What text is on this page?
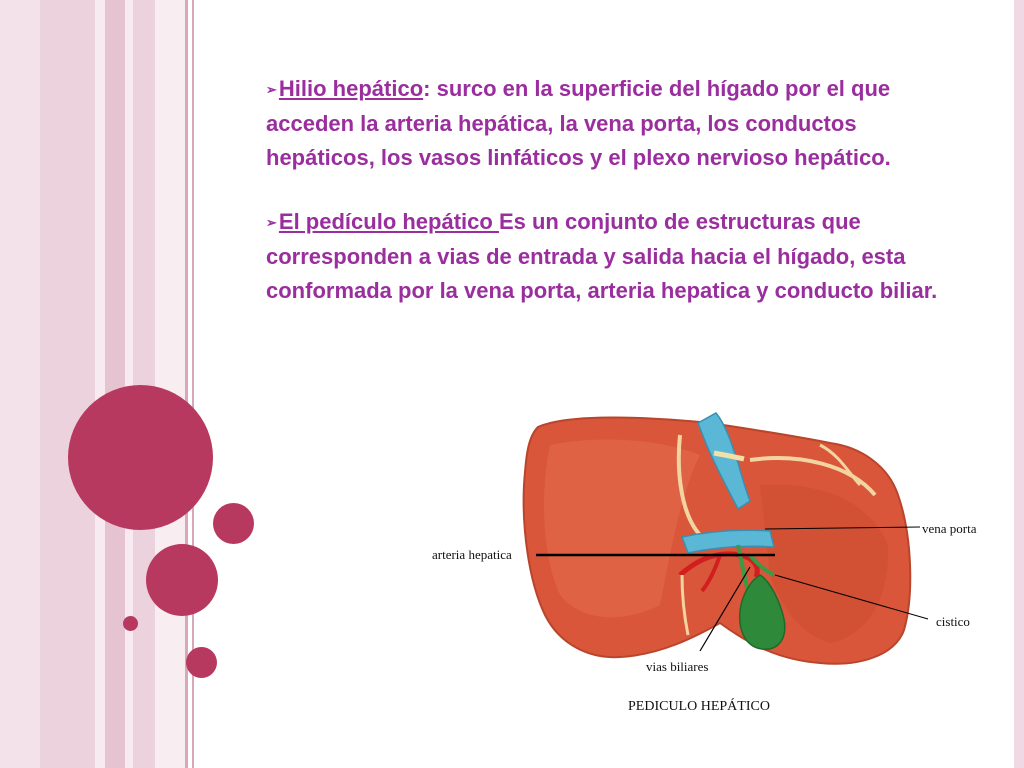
➢Hilio hepático: surco en la superficie del hígado por el que acceden la arteria hepática, la vena porta, los conductos hepáticos, los vasos linfáticos y el plexo nervioso hepático.

➢El pedículo hepático Es un conjunto de estructuras que corresponden a vias de entrada y salida hacia el hígado, esta conformada por la vena porta, arteria hepatica y conducto biliar.

vena porta
arteria hepatica
cistico
vias biliares
PEDICULO HEPÁTICO
